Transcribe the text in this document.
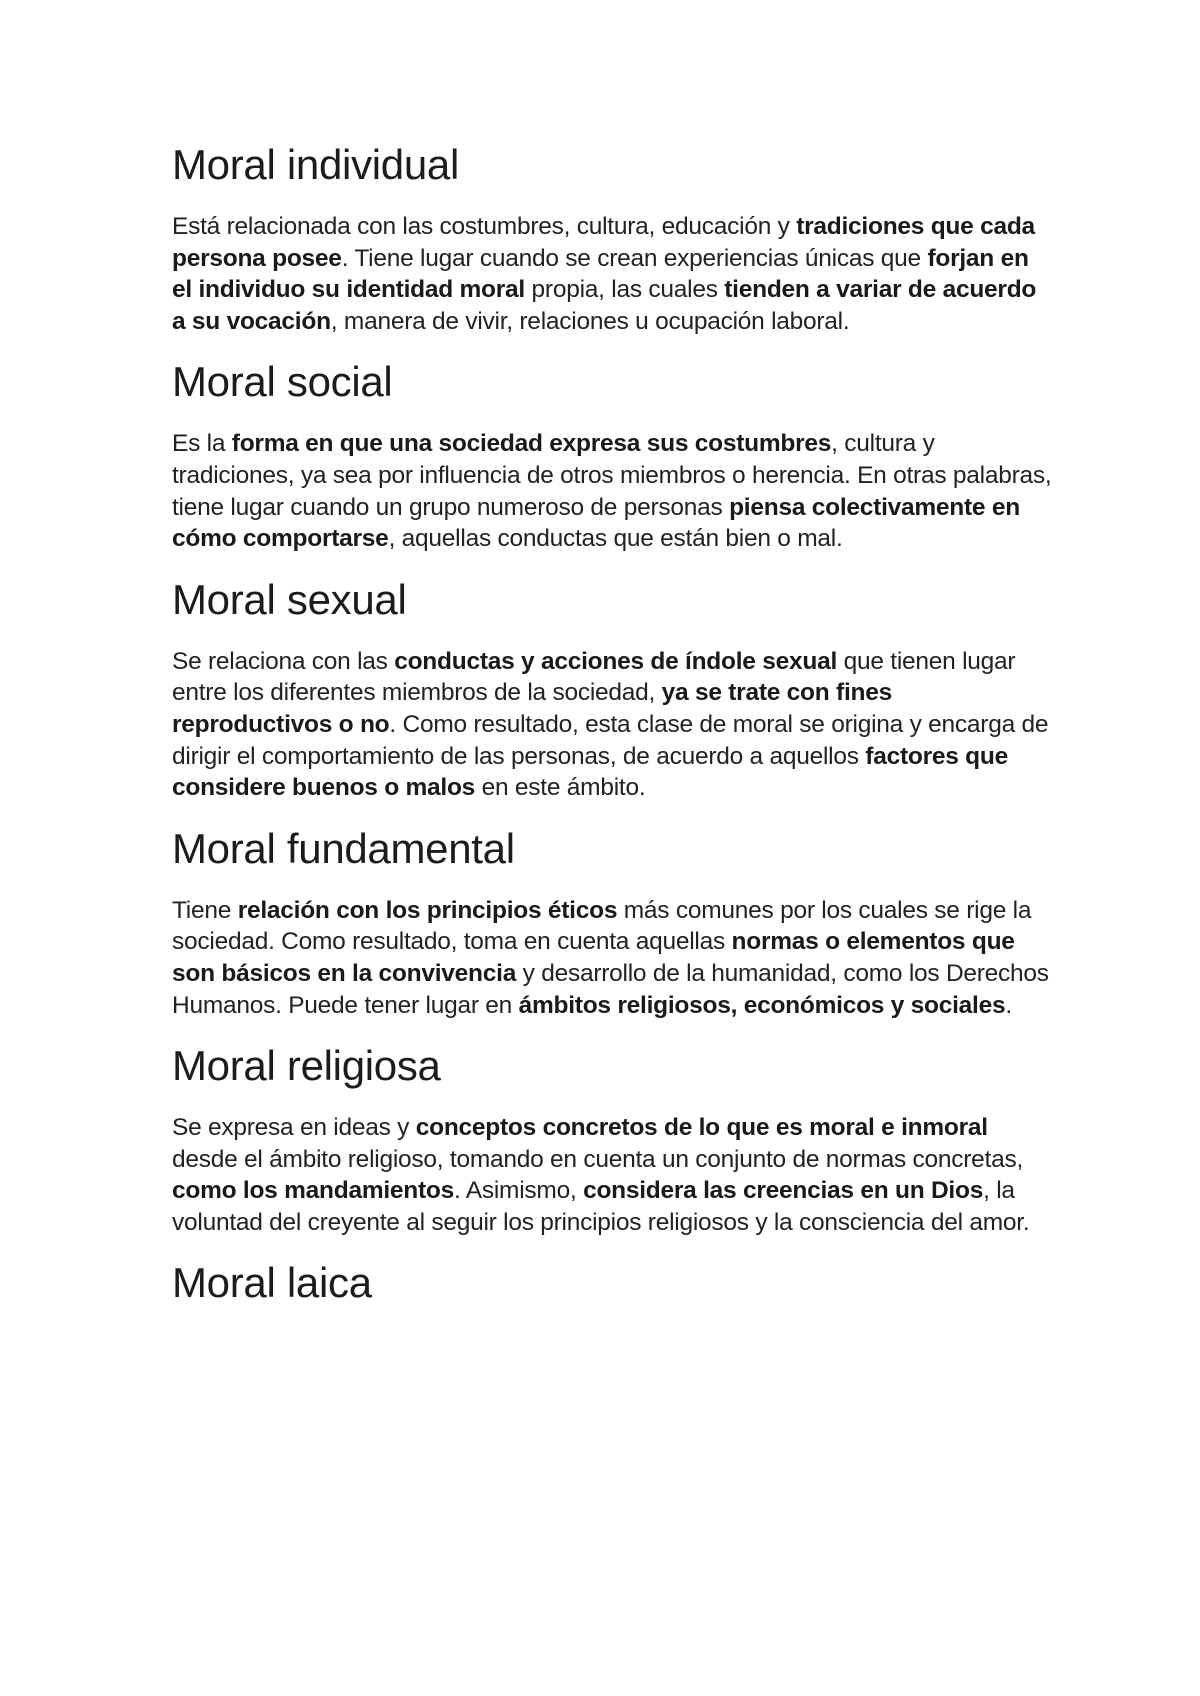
Moral individual

Está relacionada con las costumbres, cultura, educación y tradiciones que cada persona posee. Tiene lugar cuando se crean experiencias únicas que forjan en el individuo su identidad moral propia, las cuales tienden a variar de acuerdo a su vocación, manera de vivir, relaciones u ocupación laboral.

Moral social

Es la forma en que una sociedad expresa sus costumbres, cultura y tradiciones, ya sea por influencia de otros miembros o herencia. En otras palabras, tiene lugar cuando un grupo numeroso de personas piensa colectivamente en cómo comportarse, aquellas conductas que están bien o mal.

Moral sexual

Se relaciona con las conductas y acciones de índole sexual que tienen lugar entre los diferentes miembros de la sociedad, ya se trate con fines reproductivos o no. Como resultado, esta clase de moral se origina y encarga de dirigir el comportamiento de las personas, de acuerdo a aquellos factores que considere buenos o malos en este ámbito.

Moral fundamental

Tiene relación con los principios éticos más comunes por los cuales se rige la sociedad. Como resultado, toma en cuenta aquellas normas o elementos que son básicos en la convivencia y desarrollo de la humanidad, como los Derechos Humanos. Puede tener lugar en ámbitos religiosos, económicos y sociales.

Moral religiosa

Se expresa en ideas y conceptos concretos de lo que es moral e inmoral desde el ámbito religioso, tomando en cuenta un conjunto de normas concretas, como los mandamientos. Asimismo, considera las creencias en un Dios, la voluntad del creyente al seguir los principios religiosos y la consciencia del amor.

Moral laica
